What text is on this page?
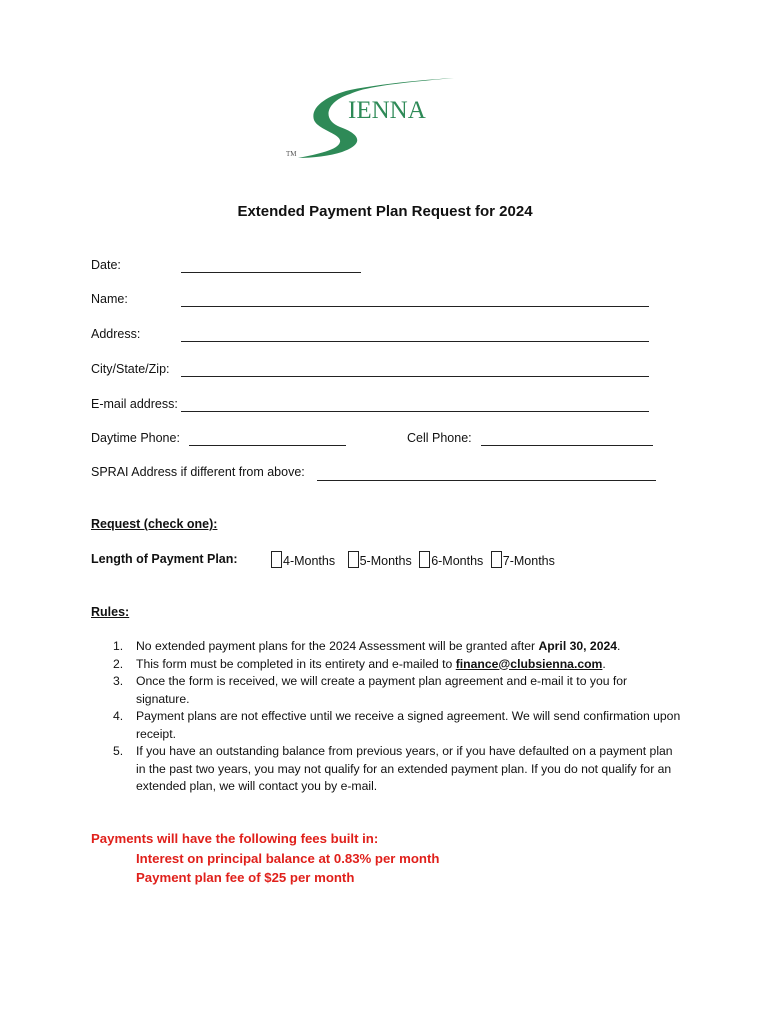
IENNA
TM
Extended Payment Plan Request for 2024
Date:
Name:
Address:
City/State/Zip:
E-mail address:
Daytime Phone:	Cell Phone:
SPRAI Address if different from above:
Request (check one):
Length of Payment Plan:	4-Months 5-Months 6-Months 7-Months
Rules:
1. No extended payment plans for the 2024 Assessment will be granted after April 30, 2024.
2. This form must be completed in its entirety and e-mailed to finance@clubsienna.com.
3. Once the form is received, we will create a payment plan agreement and e-mail it to you for signature.
4. Payment plans are not effective until we receive a signed agreement. We will send confirmation upon receipt.
5. If you have an outstanding balance from previous years, or if you have defaulted on a payment plan in the past two years, you may not qualify for an extended payment plan. If you do not qualify for an extended plan, we will contact you by e-mail.
Payments will have the following fees built in:
Interest on principal balance at 0.83% per month
Payment plan fee of $25 per month
